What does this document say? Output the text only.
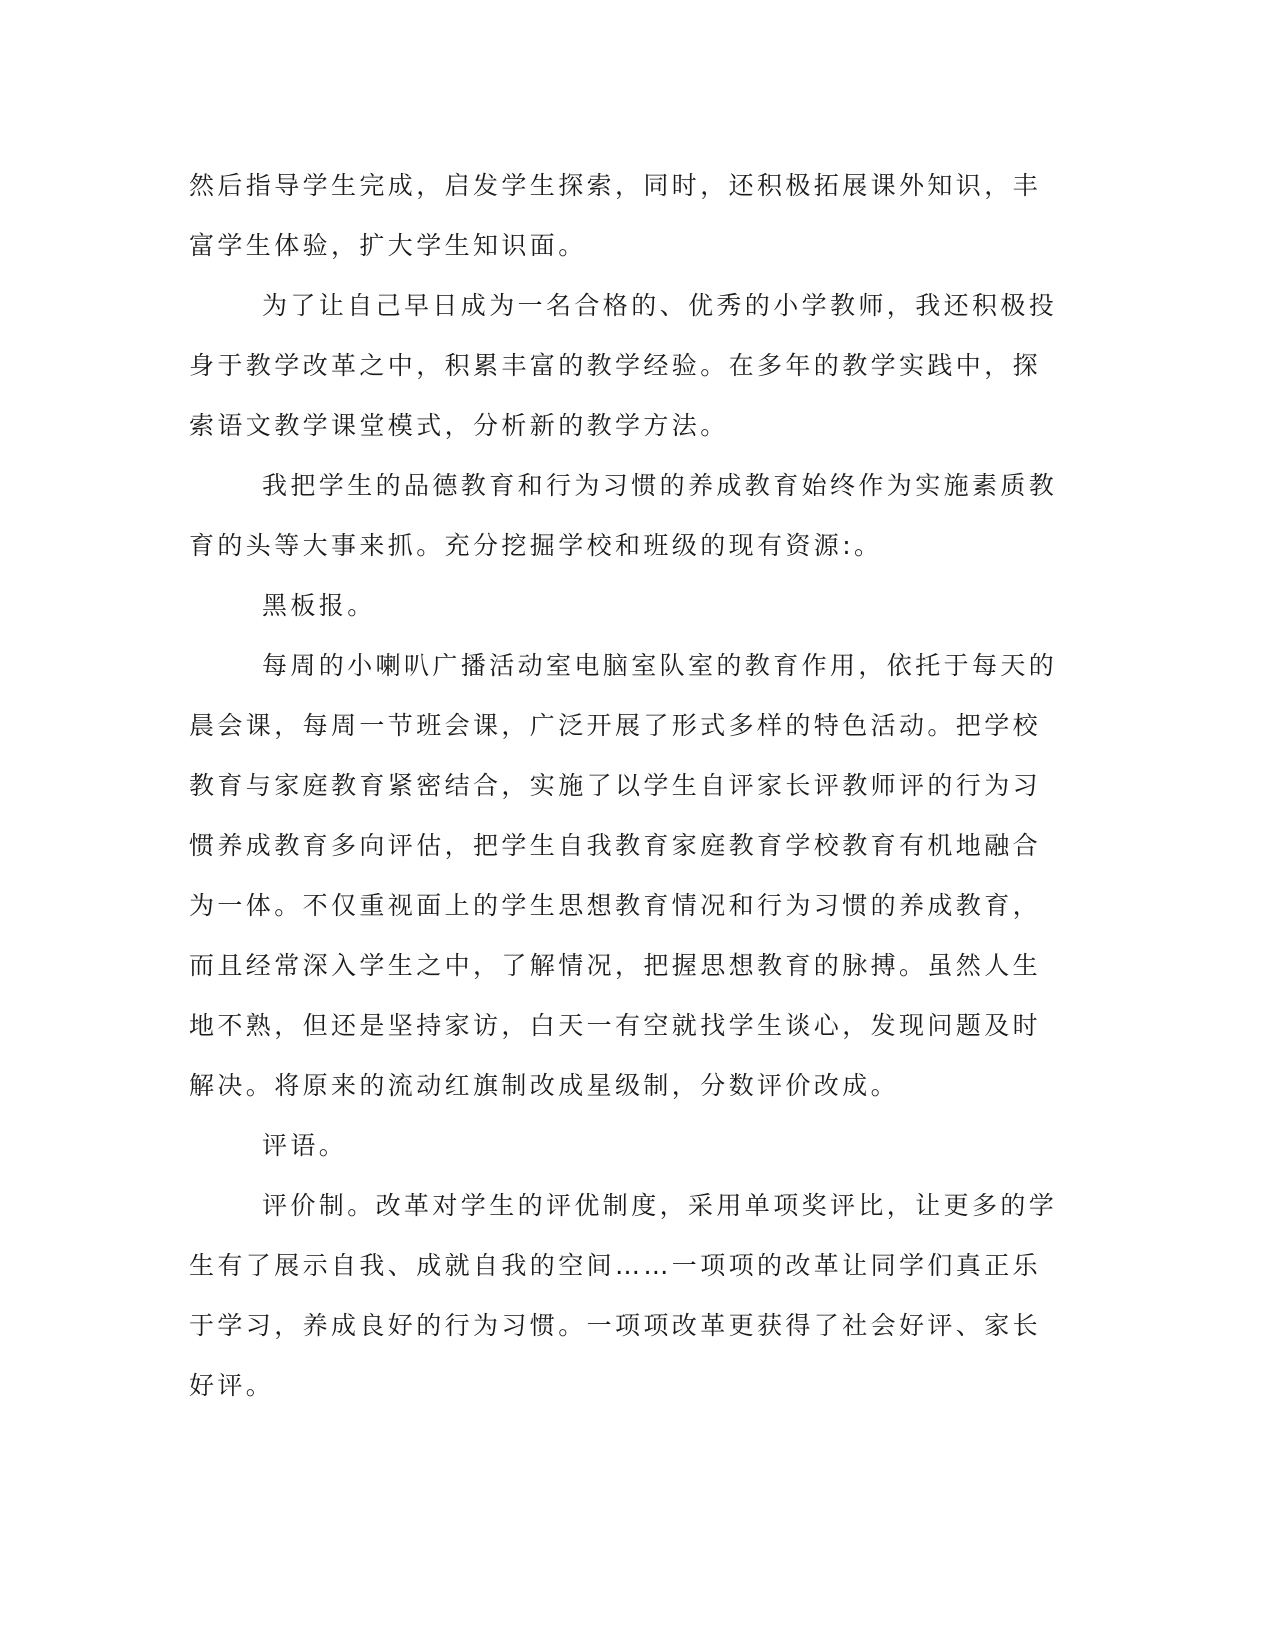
然后指导学生完成，启发学生探索，同时，还积极拓展课外知识，丰
富学生体验，扩大学生知识面。
为了让自己早日成为一名合格的、优秀的小学教师，我还积极投
身于教学改革之中，积累丰富的教学经验。在多年的教学实践中，探
索语文教学课堂模式，分析新的教学方法。
我把学生的品德教育和行为习惯的养成教育始终作为实施素质教
育的头等大事来抓。充分挖掘学校和班级的现有资源:。
黑板报。
每周的小喇叭广播活动室电脑室队室的教育作用，依托于每天的
晨会课，每周一节班会课，广泛开展了形式多样的特色活动。把学校
教育与家庭教育紧密结合，实施了以学生自评家长评教师评的行为习
惯养成教育多向评估，把学生自我教育家庭教育学校教育有机地融合
为一体。不仅重视面上的学生思想教育情况和行为习惯的养成教育，
而且经常深入学生之中，了解情况，把握思想教育的脉搏。虽然人生
地不熟，但还是坚持家访，白天一有空就找学生谈心，发现问题及时
解决。将原来的流动红旗制改成星级制，分数评价改成。
评语。
评价制。改革对学生的评优制度，采用单项奖评比，让更多的学
生有了展示自我、成就自我的空间……一项项的改革让同学们真正乐
于学习，养成良好的行为习惯。一项项改革更获得了社会好评、家长
好评。
